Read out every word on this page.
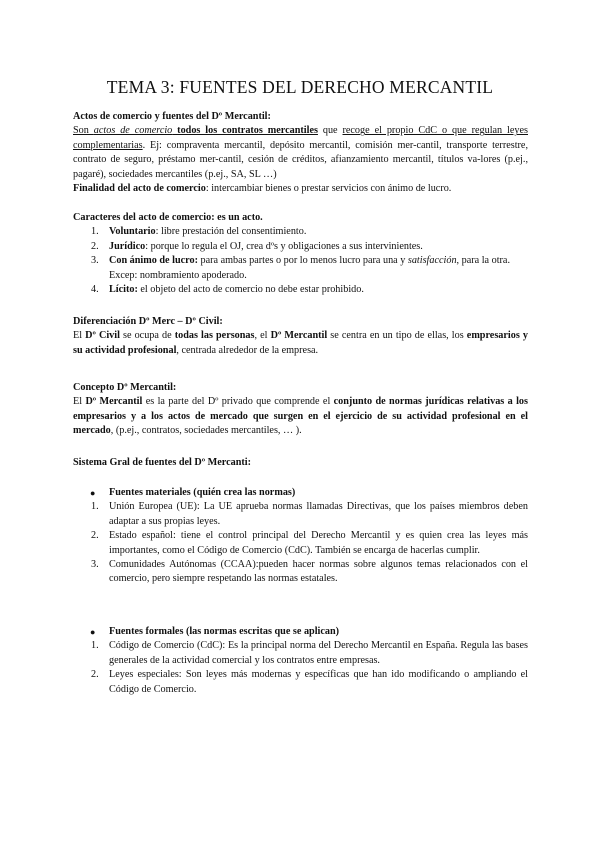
TEMA 3: FUENTES DEL DERECHO MERCANTIL
Actos de comercio y fuentes del Dº Mercantil:
Son actos de comercio todos los contratos mercantiles que recoge el propio CdC o que regulan leyes complementarias. Ej: compraventa mercantil, depósito mercantil, comisión mer-cantil, transporte terrestre, contrato de seguro, préstamo mer-cantil, cesión de créditos, afianzamiento mercantil, títulos va-lores (p.ej., pagaré), sociedades mercantiles (p.ej., SA, SL …)
Finalidad del acto de comercio: intercambiar bienes o prestar servicios con ánimo de lucro.
Caracteres del acto de comercio: es un acto.
1. Voluntario: libre prestación del consentimiento.
2. Jurídico: porque lo regula el OJ, crea dºs y obligaciones a sus intervinientes.
3. Con ánimo de lucro: para ambas partes o por lo menos lucro para una y satisfacción, para la otra. Excep: nombramiento apoderado.
4. Lícito: el objeto del acto de comercio no debe estar prohibido.
Diferenciación Dº Merc – Dº Civil:
El Dº Civil se ocupa de todas las personas, el Dº Mercantil se centra en un tipo de ellas, los empresarios y su actividad profesional, centrada alrededor de la empresa.
Concepto Dº Mercantil:
El Dº Mercantil es la parte del Dº privado que comprende el conjunto de normas jurídicas relativas a los empresarios y a los actos de mercado que surgen en el ejercicio de su actividad profesional en el mercado, (p.ej., contratos, sociedades mercantiles, … ).
Sistema Gral de fuentes del Dº Mercanti:
● Fuentes materiales (quién crea las normas)
1. Unión Europea (UE): La UE aprueba normas llamadas Directivas, que los países miembros deben adaptar a sus propias leyes.
2. Estado español: tiene el control principal del Derecho Mercantil y es quien crea las leyes más importantes, como el Código de Comercio (CdC). También se encarga de hacerlas cumplir.
3. Comunidades Autónomas (CCAA):pueden hacer normas sobre algunos temas relacionados con el comercio, pero siempre respetando las normas estatales.
● Fuentes formales (las normas escritas que se aplican)
1. Código de Comercio (CdC): Es la principal norma del Derecho Mercantil en España. Regula las bases generales de la actividad comercial y los contratos entre empresas.
2. Leyes especiales: Son leyes más modernas y específicas que han ido modificando o ampliando el Código de Comercio.
